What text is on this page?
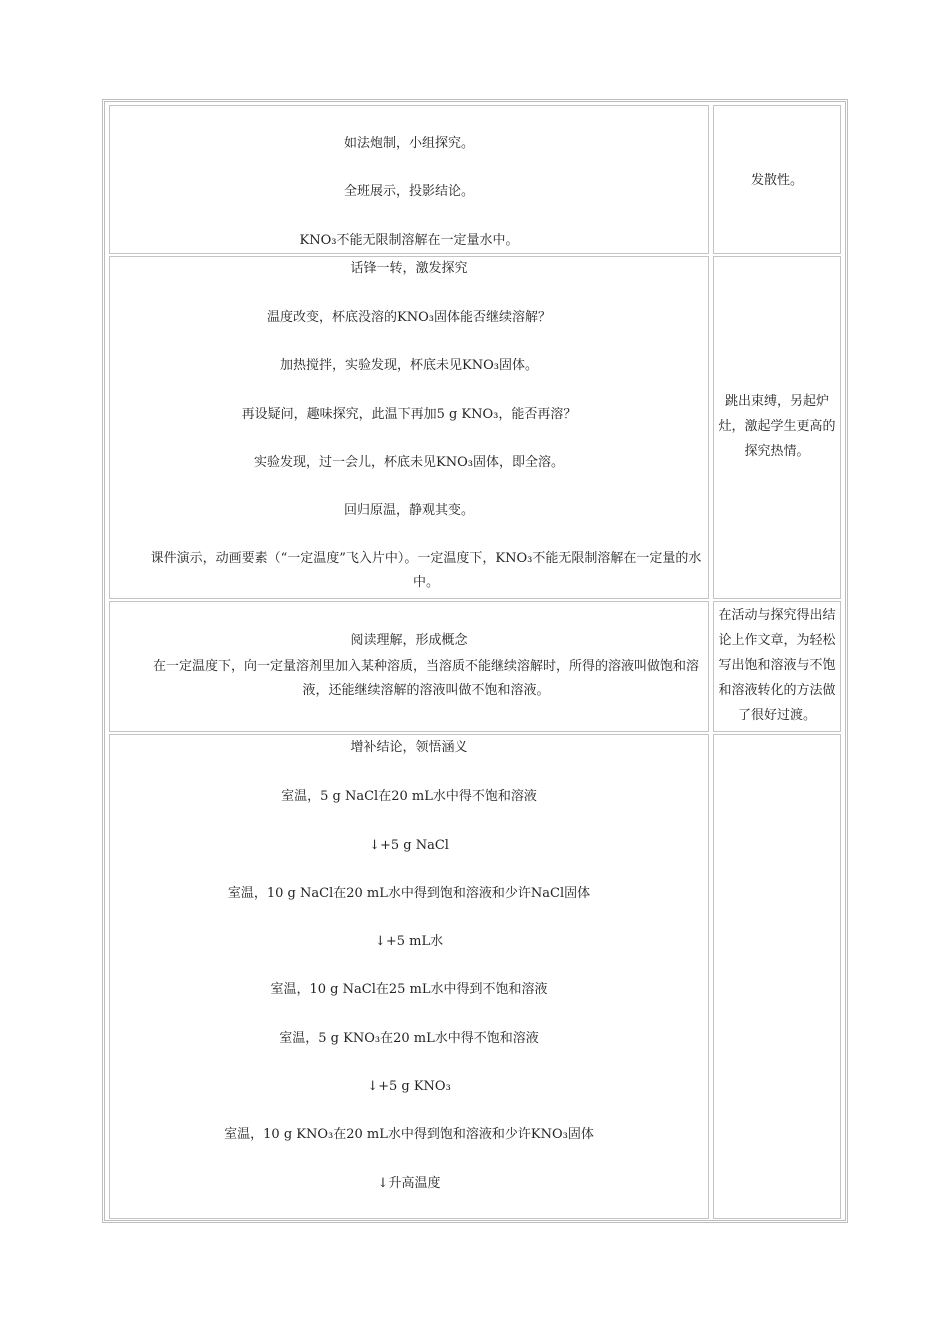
如法炮制，小组探究。
全班展示，投影结论。
KNO₃不能无限制溶解在一定量水中。
发散性。
话锋一转，激发探究
温度改变，杯底没溶的KNO₃固体能否继续溶解？
加热搅拌，实验发现，杯底未见KNO₃固体。
再设疑问，趣味探究，此温下再加5 g KNO₃，能否再溶？
实验发现，过一会儿，杯底未见KNO₃固体，即全溶。
回归原温，静观其变。
课件演示，动画要素（“一定温度”飞入片中）。一定温度下，KNO₃不能无限制溶解在一定量的水中。
跳出束缚，另起炉灶，激起学生更高的探究热情。
阅读理解，形成概念
在一定温度下，向一定量溶剂里加入某种溶质，当溶质不能继续溶解时，所得的溶液叫做饱和溶液，还能继续溶解的溶液叫做不饱和溶液。
在活动与探究得出结论上作文章，为轻松写出饱和溶液与不饱和溶液转化的方法做了很好过渡。
增补结论，领悟涵义
室温，5 g NaCl在20 mL水中得不饱和溶液
↓+5 g NaCl
室温，10 g NaCl在20 mL水中得到饱和溶液和少许NaCl固体
↓+5 mL水
室温，10 g NaCl在25 mL水中得到不饱和溶液
室温，5 g KNO₃在20 mL水中得不饱和溶液
↓+5 g KNO₃
室温，10 g KNO₃在20 mL水中得到饱和溶液和少许KNO₃固体
↓升高温度
